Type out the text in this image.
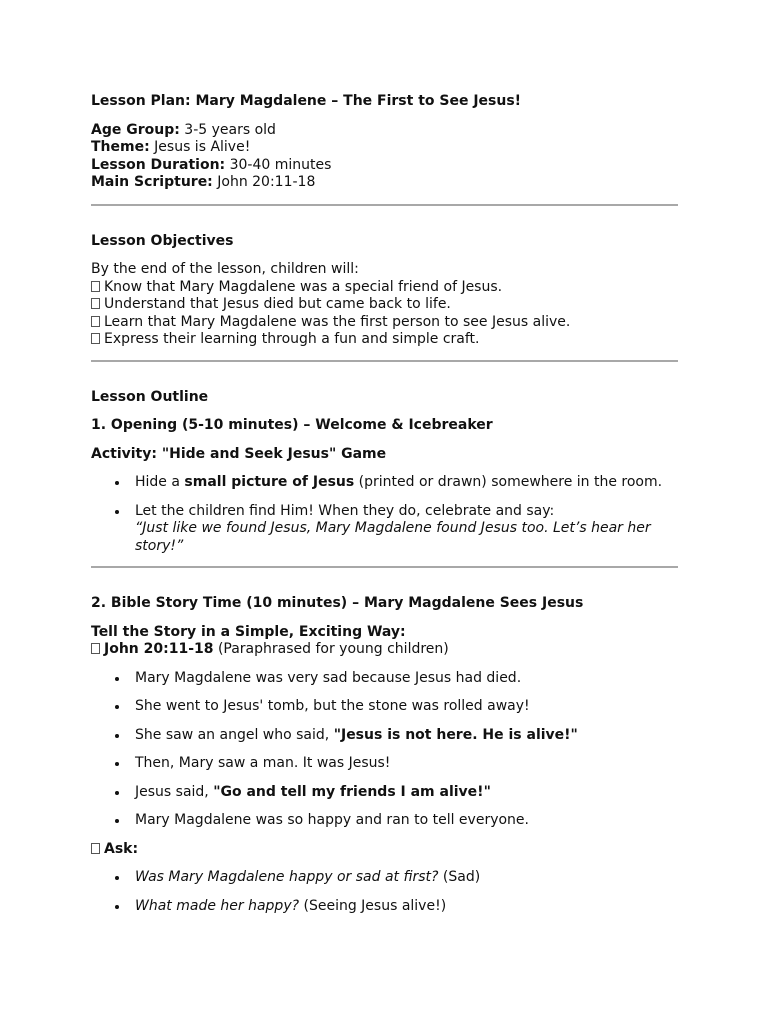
Lesson Plan: Mary Magdalene – The First to See Jesus!

Age Group: 3-5 years old

Theme: Jesus is Alive!

Lesson Duration: 30-40 minutes

Main Scripture: John 20:11-18

Lesson Objectives

By the end of the lesson, children will:

Know that Mary Magdalene was a special friend of Jesus.

Understand that Jesus died but came back to life.

Learn that Mary Magdalene was the first person to see Jesus alive.

Express their learning through a fun and simple craft.

Lesson Outline

1. Opening (5-10 minutes) – Welcome & Icebreaker

Activity: "Hide and Seek Jesus" Game

Hide a small picture of Jesus (printed or drawn) somewhere in the room.
Let the children find Him! When they do, celebrate and say:
“Just like we found Jesus, Mary Magdalene found Jesus too. Let’s hear her story!”

2. Bible Story Time (10 minutes) – Mary Magdalene Sees Jesus

Tell the Story in a Simple, Exciting Way:

John 20:11-18 (Paraphrased for young children)

Mary Magdalene was very sad because Jesus had died.
She went to Jesus' tomb, but the stone was rolled away!
She saw an angel who said, "Jesus is not here. He is alive!"
Then, Mary saw a man. It was Jesus!
Jesus said, "Go and tell my friends I am alive!"
Mary Magdalene was so happy and ran to tell everyone.

Ask:

Was Mary Magdalene happy or sad at first? (Sad)
What made her happy? (Seeing Jesus alive!)
